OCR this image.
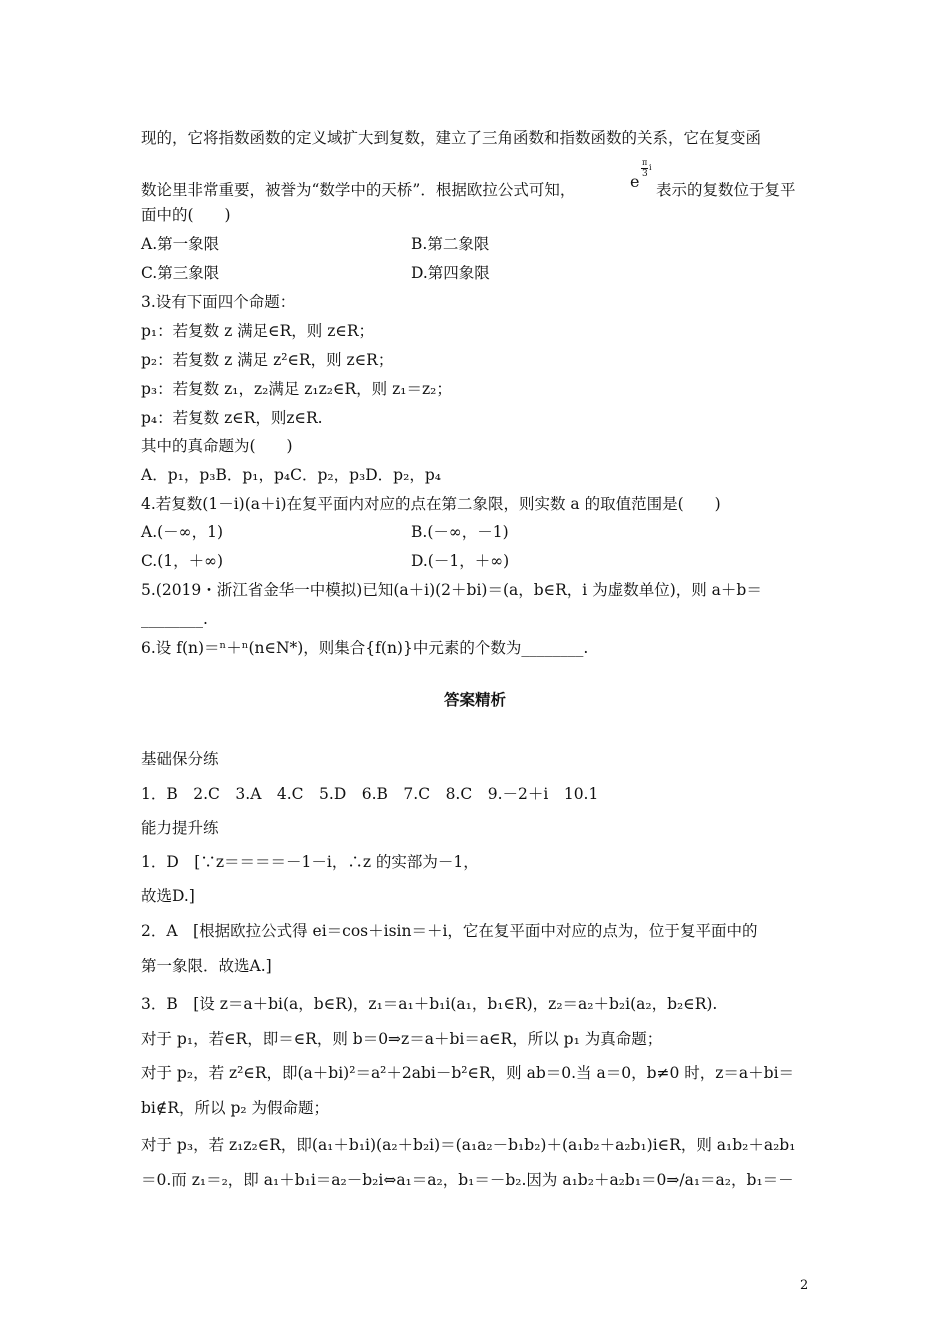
现的，它将指数函数的定义域扩大到复数，建立了三角函数和指数函数的关系，它在复变函
数论里非常重要，被誉为“数学中的天桥”．根据欧拉公式可知，	e
π
3
i
表示的复数位于复平
面中的(　　)
A.第一象限	B.第二象限
C.第三象限	D.第四象限
3.设有下面四个命题：
p₁：若复数 z 满足∈R，则 z∈R；
p₂：若复数 z 满足 z²∈R，则 z∈R；
p₃：若复数 z₁，z₂满足 z₁z₂∈R，则 z₁＝z₂；
p₄：若复数 z∈R，则z∈R.
其中的真命题为(　　)
A．p₁，p₃B．p₁，p₄C．p₂，p₃D．p₂，p₄
4.若复数(1－i)(a＋i)在复平面内对应的点在第二象限，则实数 a 的取值范围是(　　)
A.(－∞，1)	B.(－∞，－1)
C.(1，＋∞)	D.(－1，＋∞)
5.(2019・浙江省金华一中模拟)已知(a＋i)(2＋bi)＝(a，b∈R，i 为虚数单位)，则 a＋b＝
________.
6.设 f(n)＝ⁿ＋ⁿ(n∈N*)，则集合{f(n)}中元素的个数为________.
答案精析
基础保分练
1．B　2.C　3.A　4.C　5.D　6.B　7.C　8.C　9.－2＋i　10.1
能力提升练
1．D　[∵z＝＝＝＝－1－i，∴z 的实部为－1，
故选D.]
2．A　[根据欧拉公式得 ei＝cos＋isin＝＋i，它在复平面中对应的点为，位于复平面中的
第一象限．故选A.]
3．B　[设 z＝a＋bi(a，b∈R)，z₁＝a₁＋b₁i(a₁，b₁∈R)，z₂＝a₂＋b₂i(a₂，b₂∈R).
对于 p₁，若∈R，即＝∈R，则 b＝0⇒z＝a＋bi＝a∈R，所以 p₁ 为真命题；
对于 p₂，若 z²∈R，即(a＋bi)²＝a²＋2abi－b²∈R，则 ab＝0.当 a＝0，b≠0 时，z＝a＋bi＝
bi∉R，所以 p₂ 为假命题；
对于 p₃，若 z₁z₂∈R，即(a₁＋b₁i)(a₂＋b₂i)＝(a₁a₂－b₁b₂)＋(a₁b₂＋a₂b₁)i∈R，则 a₁b₂＋a₂b₁
＝0.而 z₁＝₂，即 a₁＋b₁i＝a₂－b₂i⇔a₁＝a₂，b₁＝－b₂.因为 a₁b₂＋a₂b₁＝0⇒/a₁＝a₂，b₁＝－
2
